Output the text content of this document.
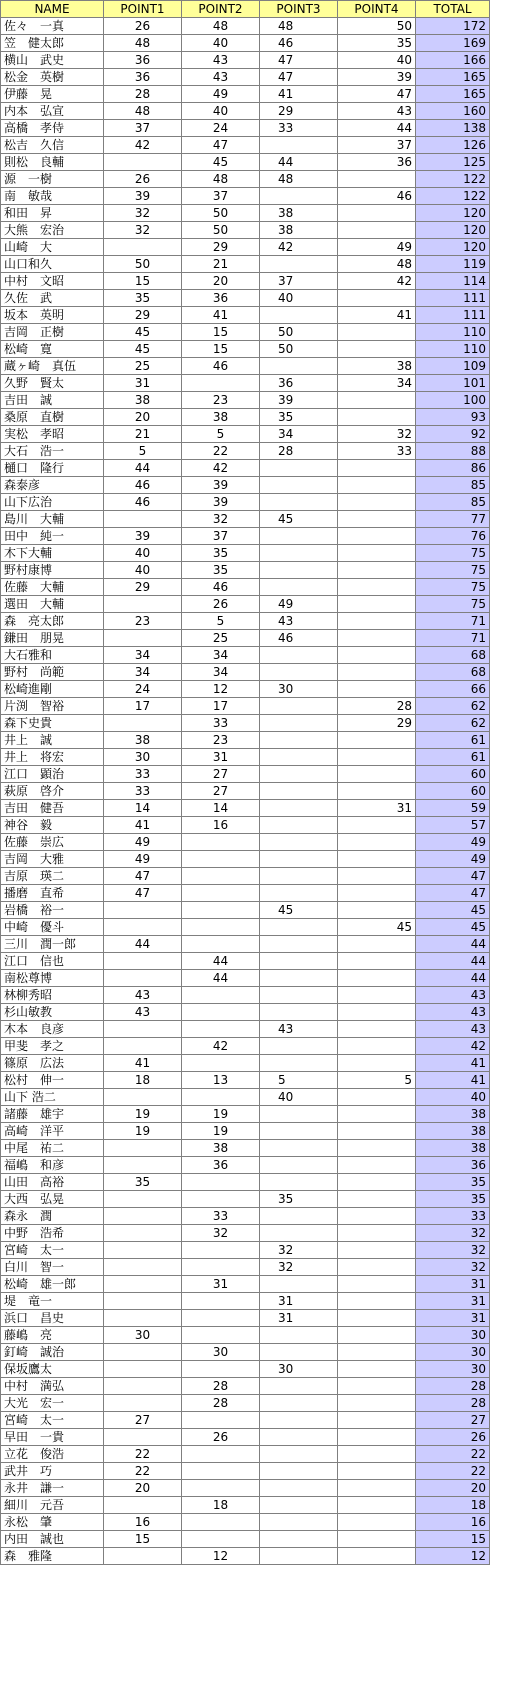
NAME	POINT1	POINT2	POINT3	POINT4	TOTAL
佐々　一真	26	48	48	50	172
笠　健太郎	48	40	46	35	169
横山　武史	36	43	47	40	166
松金　英樹	36	43	47	39	165
伊藤　晃	28	49	41	47	165
内本　弘宣	48	40	29	43	160
高橋　孝侍	37	24	33	44	138
松吉　久信	42	47		37	126
則松　良輔		45	44	36	125
源　一樹	26	48	48		122
南　敏哉	39	37		46	122
和田　昇	32	50	38		120
大熊　宏治	32	50	38		120
山崎　大		29	42	49	120
山口和久	50	21		48	119
中村　文昭	15	20	37	42	114
久佐　武	35	36	40		111
坂本　英明	29	41		41	111
吉岡　正樹	45	15	50		110
松崎　寛	45	15	50		110
蔵ヶ崎　真伍	25	46		38	109
久野　賢太	31		36	34	101
吉田　誠	38	23	39		100
桑原　直樹	20	38	35		93
実松　孝昭	21	5	34	32	92
大石　浩一	5	22	28	33	88
樋口　隆行	44	42			86
森泰彦	46	39			85
山下広治	46	39			85
島川　大輔		32	45		77
田中　純一	39	37			76
木下大輔	40	35			75
野村康博	40	35			75
佐藤　大輔	29	46			75
選田　大輔		26	49		75
森　亮太郎	23	5	43		71
鎌田　朋晃		25	46		71
大石雅和	34	34			68
野村　尚範	34	34			68
松崎進剛	24	12	30		66
片渕　智裕	17	17		28	62
森下史貴		33		29	62
井上　誠	38	23			61
井上　将宏	30	31			61
江口　顕治	33	27			60
萩原　啓介	33	27			60
吉田　健吾	14	14		31	59
神谷　毅	41	16			57
佐藤　崇広	49				49
吉岡　大雅	49				49
吉原　瑛二	47				47
播磨　直希	47				47
岩橋　裕一			45		45
中崎　優斗				45	45
三川　潤一郎	44				44
江口　信也		44			44
南松尊博		44			44
林柳秀昭	43				43
杉山敏教	43				43
木本　良彦			43		43
甲斐　孝之		42			42
篠原　広法	41				41
松村　伸一	18	13	5	5	41
山下 浩二			40		40
諸藤　雄宇	19	19			38
高崎　洋平	19	19			38
中尾　祐二		38			38
福嶋　和彦		36			36
山田　高裕	35				35
大西　弘晃			35		35
森永　潤		33			33
中野　浩希		32			32
宮崎　太一			32		32
白川　智一			32		32
松崎　雄一郎		31			31
堤　竜一			31		31
浜口　昌史			31		31
藤嶋　亮	30				30
釘崎　誠治		30			30
保坂鷹太			30		30
中村　満弘		28			28
大光　宏一		28			28
宮崎　太一	27				27
早田　一貴		26			26
立花　俊浩	22				22
武井　巧	22				22
永井　謙一	20				20
細川　元吾		18			18
永松　肇	16				16
内田　誠也	15				15
森　雅隆		12			12
